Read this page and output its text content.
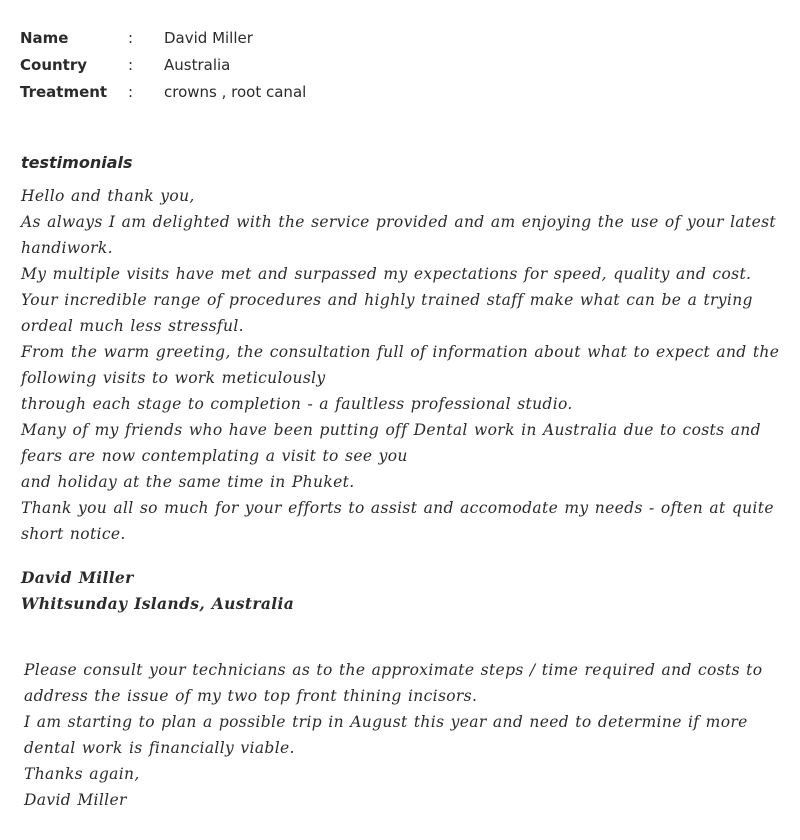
Name	: David Miller
Country	: Australia
Treatment : crowns , root canal
testimonials

Hello and thank you,

As always I am delighted with the service provided and am enjoying the use of your latest handiwork.

My multiple visits have met and surpassed my expectations for speed, quality and cost.

Your incredible range of procedures and highly trained staff make what can be a trying ordeal much less stressful.

From the warm greeting, the consultation full of information about what to expect and the following visits to work meticulously

through each stage to completion - a faultless professional studio.

Many of my friends who have been putting off Dental work in Australia due to costs and fears are now contemplating a visit to see you

and holiday at the same time in Phuket.

Thank you all so much for your efforts to assist and accomodate my needs - often at quite short notice.

David Miller

Whitsunday Islands, Australia

Please consult your technicians as to the approximate steps / time required and costs to address the issue of my two top front thining incisors.

I am starting to plan a possible trip in August this year and need to determine if more dental work is financially viable.

Thanks again,

David Miller
